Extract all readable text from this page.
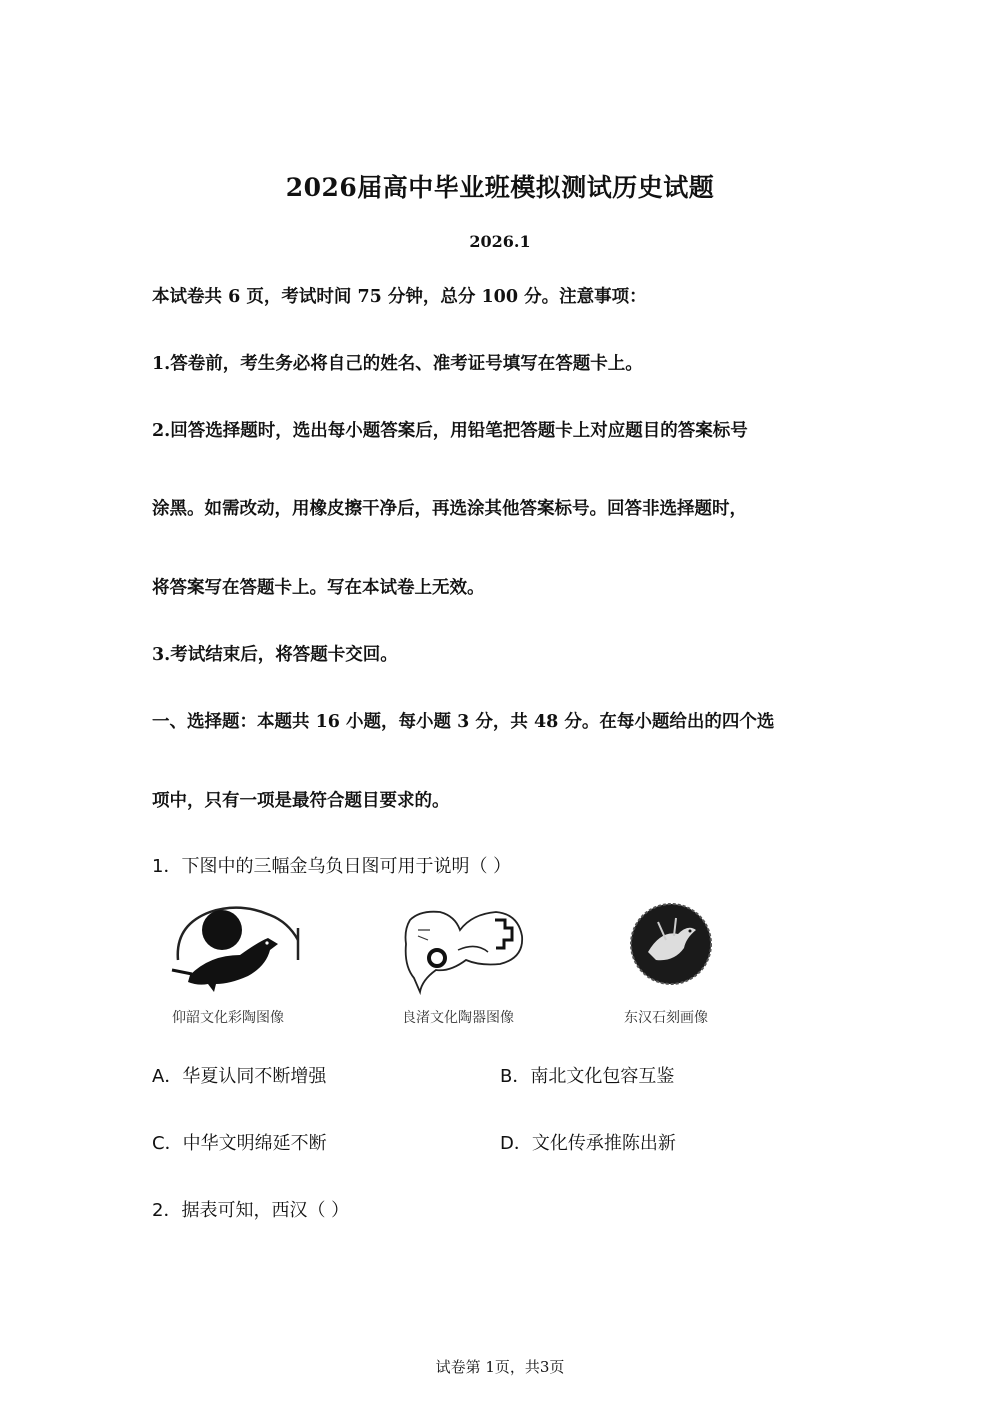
2026届高中毕业班模拟测试历史试题
2026.1
本试卷共 6 页，考试时间 75 分钟，总分 100 分。注意事项：
1.答卷前，考生务必将自己的姓名、准考证号填写在答题卡上。
2.回答选择题时，选出每小题答案后，用铅笔把答题卡上对应题目的答案标号
涂黑。如需改动，用橡皮擦干净后，再选涂其他答案标号。回答非选择题时，
将答案写在答题卡上。写在本试卷上无效。
3.考试结束后，将答题卡交回。
一、选择题：本题共 16 小题，每小题 3 分，共 48 分。在每小题给出的四个选
项中，只有一项是最符合题目要求的。
1．下图中的三幅金乌负日图可用于说明（ ）
仰韶文化彩陶图像	良渚文化陶器图像	东汉石刻画像
A．华夏认同不断增强	B．南北文化包容互鉴
C．中华文明绵延不断	D．文化传承推陈出新
2．据表可知，西汉（ ）
试卷第 1页，共3页
